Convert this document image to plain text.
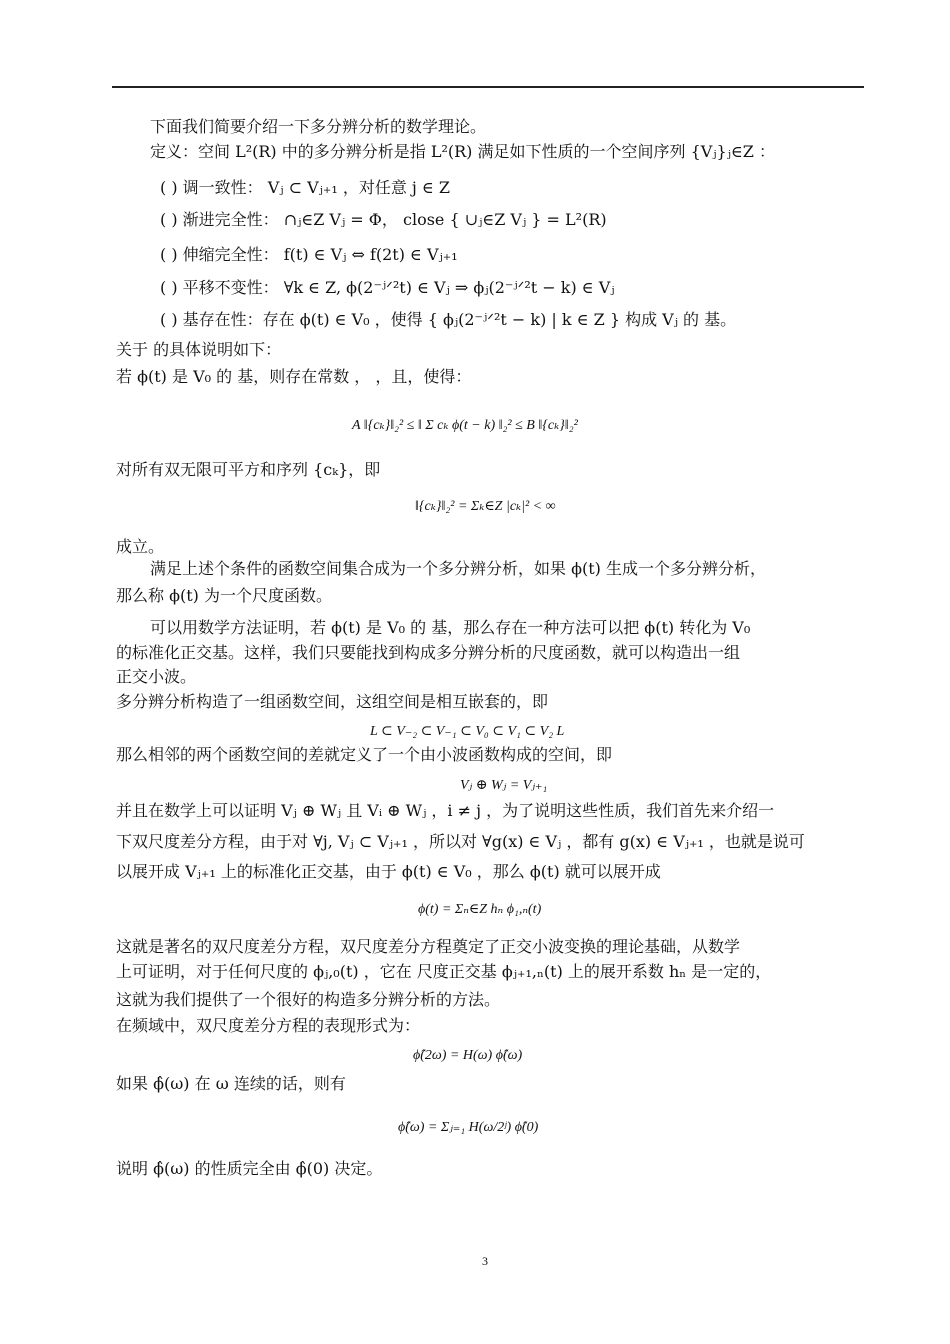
下面我们简要介绍一下多分辨分析的数学理论。
定义：空间 L²(R) 中的多分辨分析是指 L²(R) 满足如下性质的一个空间序列 {Vⱼ}ⱼ∈Z ：
( ) 调一致性： Vⱼ ⊂ Vⱼ₊₁ ，对任意 j ∈ Z
( ) 渐进完全性： ∩ⱼ∈Z Vⱼ = Φ， close { ∪ⱼ∈Z Vⱼ } = L²(R)
( ) 伸缩完全性： f(t) ∈ Vⱼ ⇔ f(2t) ∈ Vⱼ₊₁
( ) 平移不变性： ∀k ∈ Z, ϕ(2⁻ʲᐟ²t) ∈ Vⱼ ⇒ ϕⱼ(2⁻ʲᐟ²t − k) ∈ Vⱼ
( ) 基存在性：存在 ϕ(t) ∈ V₀ ，使得 { ϕⱼ(2⁻ʲᐟ²t − k) | k ∈ Z } 构成 Vⱼ 的 基。
关于 的具体说明如下：
若 ϕ(t) 是 V₀ 的 基，则存在常数 ， ，且，使得：
A ‖{cₖ}‖₂² ≤ ‖ Σ cₖ ϕ(t − k) ‖₂² ≤ B ‖{cₖ}‖₂²
对所有双无限可平方和序列 {cₖ}，即
‖{cₖ}‖₂² = Σₖ∈Z |cₖ|² < ∞
成立。
满足上述个条件的函数空间集合成为一个多分辨分析，如果 ϕ(t) 生成一个多分辨分析，
那么称 ϕ(t) 为一个尺度函数。
可以用数学方法证明，若 ϕ(t) 是 V₀ 的 基，那么存在一种方法可以把 ϕ(t) 转化为 V₀
的标准化正交基。这样，我们只要能找到构成多分辨分析的尺度函数，就可以构造出一组
正交小波。
多分辨分析构造了一组函数空间，这组空间是相互嵌套的，即
L ⊂ V₋₂ ⊂ V₋₁ ⊂ V₀ ⊂ V₁ ⊂ V₂ L
那么相邻的两个函数空间的差就定义了一个由小波函数构成的空间，即
Vⱼ ⊕ Wⱼ = Vⱼ₊₁
并且在数学上可以证明 Vⱼ ⊕ Wⱼ 且 Vᵢ ⊕ Wⱼ ，i ≠ j ，为了说明这些性质，我们首先来介绍一
下双尺度差分方程，由于对 ∀j, Vⱼ ⊂ Vⱼ₊₁ ，所以对 ∀g(x) ∈ Vⱼ ，都有 g(x) ∈ Vⱼ₊₁ ，也就是说可
以展开成 Vⱼ₊₁ 上的标准化正交基，由于 ϕ(t) ∈ V₀ ，那么 ϕ(t) 就可以展开成
ϕ(t) = Σₙ∈Z hₙ ϕ₁,ₙ(t)
这就是著名的双尺度差分方程，双尺度差分方程奠定了正交小波变换的理论基础，从数学
上可证明，对于任何尺度的 ϕⱼ,₀(t) ，它在 尺度正交基 ϕⱼ₊₁,ₙ(t) 上的展开系数 hₙ 是一定的，
这就为我们提供了一个很好的构造多分辨分析的方法。
在频域中，双尺度差分方程的表现形式为：
ϕ̂(2ω) = H(ω) ϕ̂(ω)
如果 ϕ̂(ω) 在 ω 连续的话，则有
ϕ̂(ω) = Σⱼ₌₁ H(ω/2ʲ) ϕ̂(0)
说明 ϕ̂(ω) 的性质完全由 ϕ̂(0) 决定。
3
